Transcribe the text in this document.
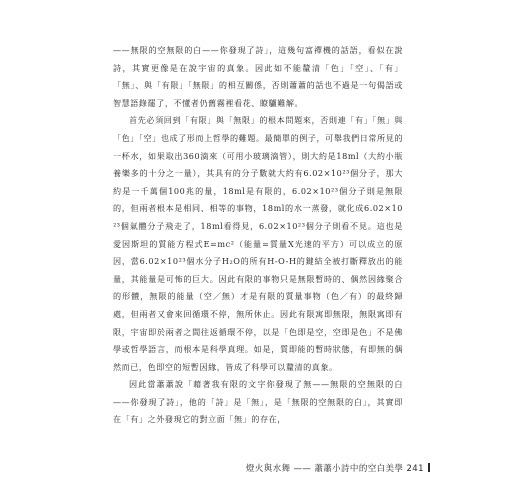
——無限的空無限的白——你發現了詩」，這幾句富禪機的話語，看似在說詩，其實更像是在說宇宙的真象。因此如不能釐清「色」「空」、「有」「無」、與「有限」「無限」的相互關係，否則蕭蕭的話也不過是一句偈語或智慧語錄罷了，不懂者仍舊霧裡看花、瞭驢難解。

首先必須回到「有限」與「無限」的根本問題來，否則連「有」「無」與「色」「空」也成了形而上哲學的難題。最簡單的例子，可舉我們日常所見的一杯水，如果取出360滴來（可用小玻璃滴管），則大約是18ml（大約小瓶養樂多的十分之一量），其具有的分子數就大約有6.02×10²³個分子，那大約是一千萬個100兆的量，18ml是有限的，6.02×10²³個分子則是無限的，但兩者根本是相同、相等的事物，18ml的水一蒸發，就化成6.02×10²³個氣體分子飛走了，18ml看得見，6.02×10²³個分子則看不見。這也是愛因斯坦的質能方程式E=mc²（能量=質量X光速的平方）可以成立的原因，當6.02×10²³個水分子H₂O的所有H-O-H的鍵結全被打斷釋放出的能量，其能量是可怖的巨大。因此有限的事物只是無限暫時的、偶然因緣聚合的形體，無限的能量（空／無）才是有限的質量事物（色／有）的最終歸處，但兩者又會來回循環不停，無所休止。因此有限寓即無限，無限寓即有限，宇宙即於兩者之間往返循環不停，以是「色即是空，空即是色」不是佛學或哲學語言，而根本是科學真理。如是，質即能的暫時狀態，有即無的偶然而已，色即空的短暫因緣，皆成了科學可以釐清的真象。

因此當蕭蕭說「藉著我有限的文字你發現了無——無限的空無限的白——你發現了詩」，他的「詩」是「無」，是「無限的空無限的白」，其實即在「有」之外發現它的對立面「無」的存在，

燈火與水舞 —— 蕭蕭小詩中的空白美學 241
